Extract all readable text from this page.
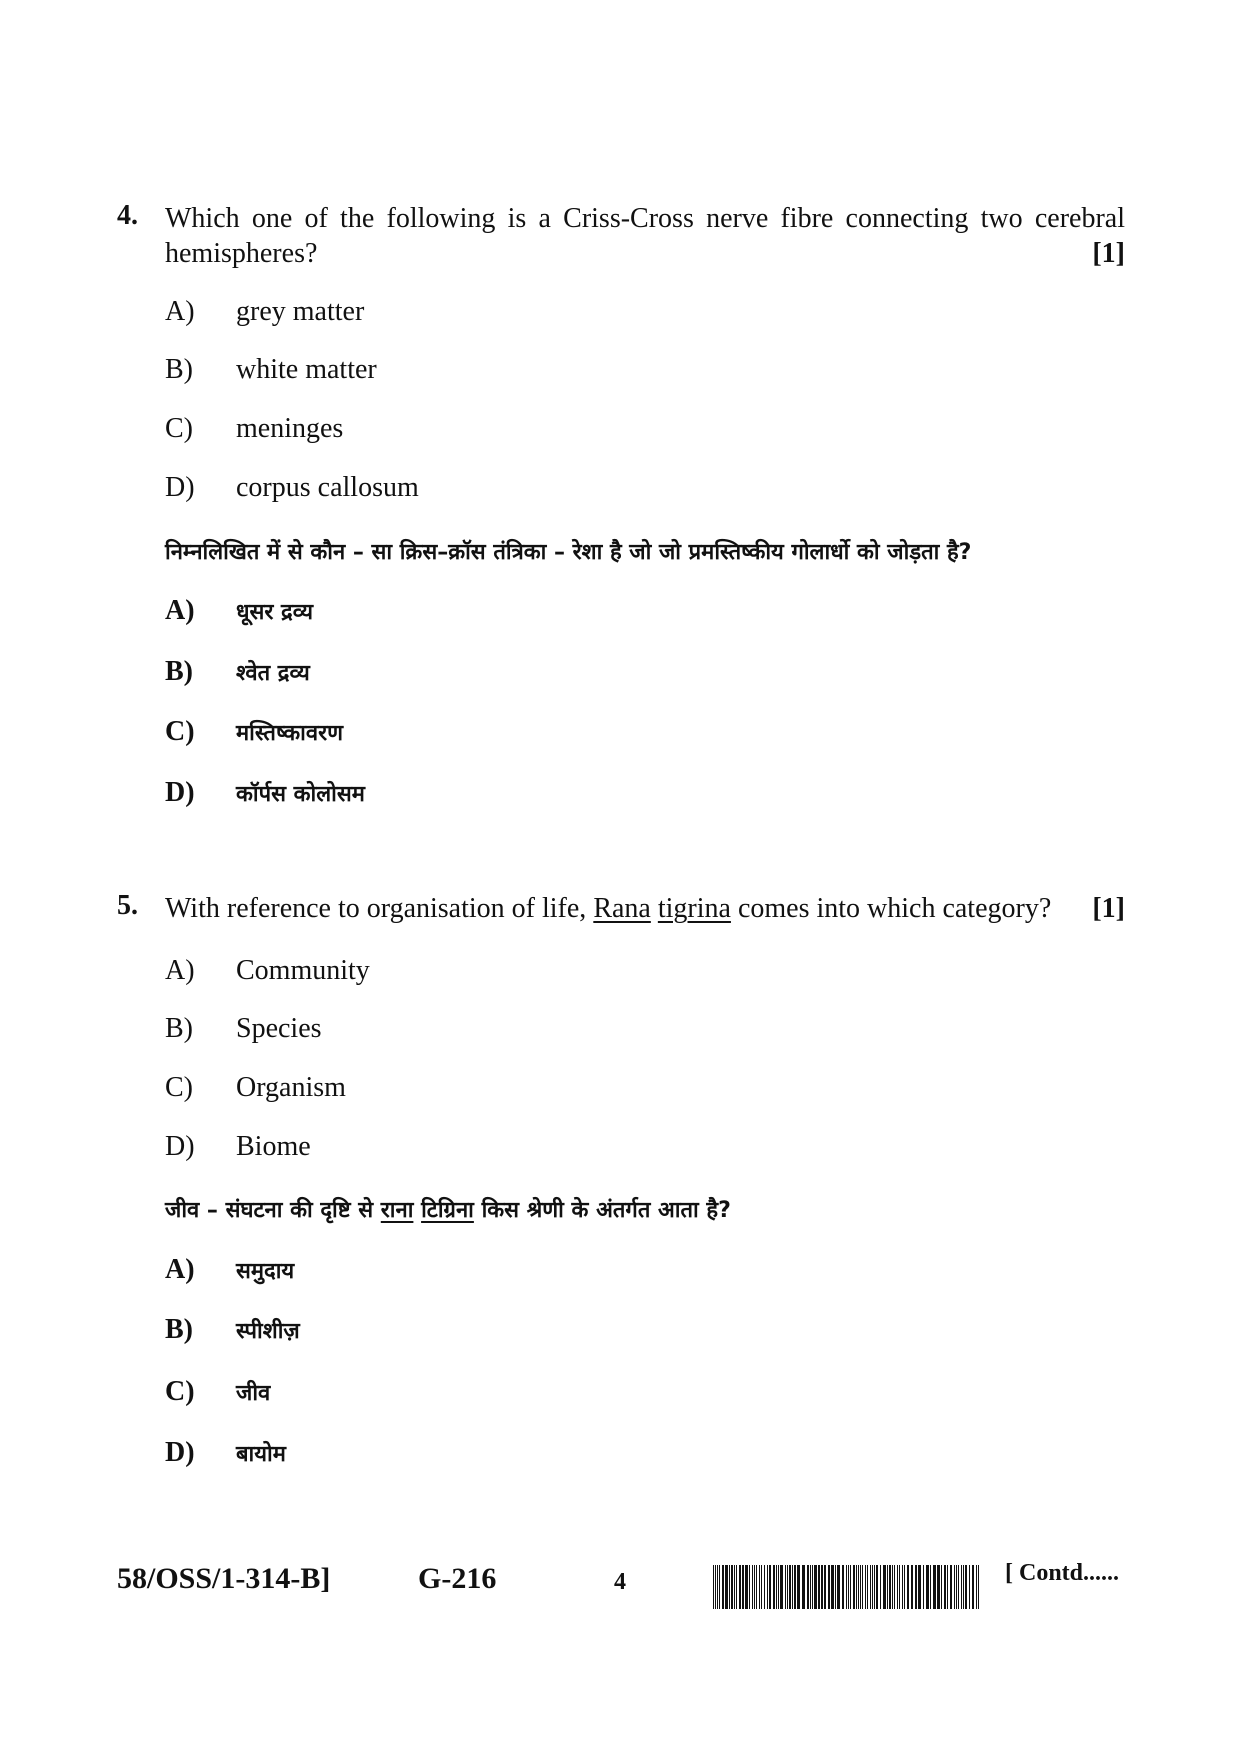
4. Which one of the following is a Criss-Cross nerve fibre connecting two cerebral hemispheres?	[1]
A)	grey matter
B)	white matter
C)	meninges
D)	corpus callosum
निम्नलिखित में से कौन – सा क्रिस–क्रॉस तंत्रिका – रेशा है जो जो प्रमस्तिष्कीय गोलार्धो को जोड़ता है?
A)	धूसर द्रव्य
B)	श्वेत द्रव्य
C)	मस्तिष्कावरण
D)	कॉर्पस कोलोसम
5. With reference to organisation of life, Rana tigrina comes into which category? [1]
A)	Community
B)	Species
C)	Organism
D)	Biome
जीव – संघटना की दृष्टि से राना टिग्रिना किस श्रेणी के अंतर्गत आता है?
A)	समुदाय
B)	स्पीशीज़
C)	जीव
D)	बायोम
58/OSS/1-314-B]	G-216	4	[ Contd......
